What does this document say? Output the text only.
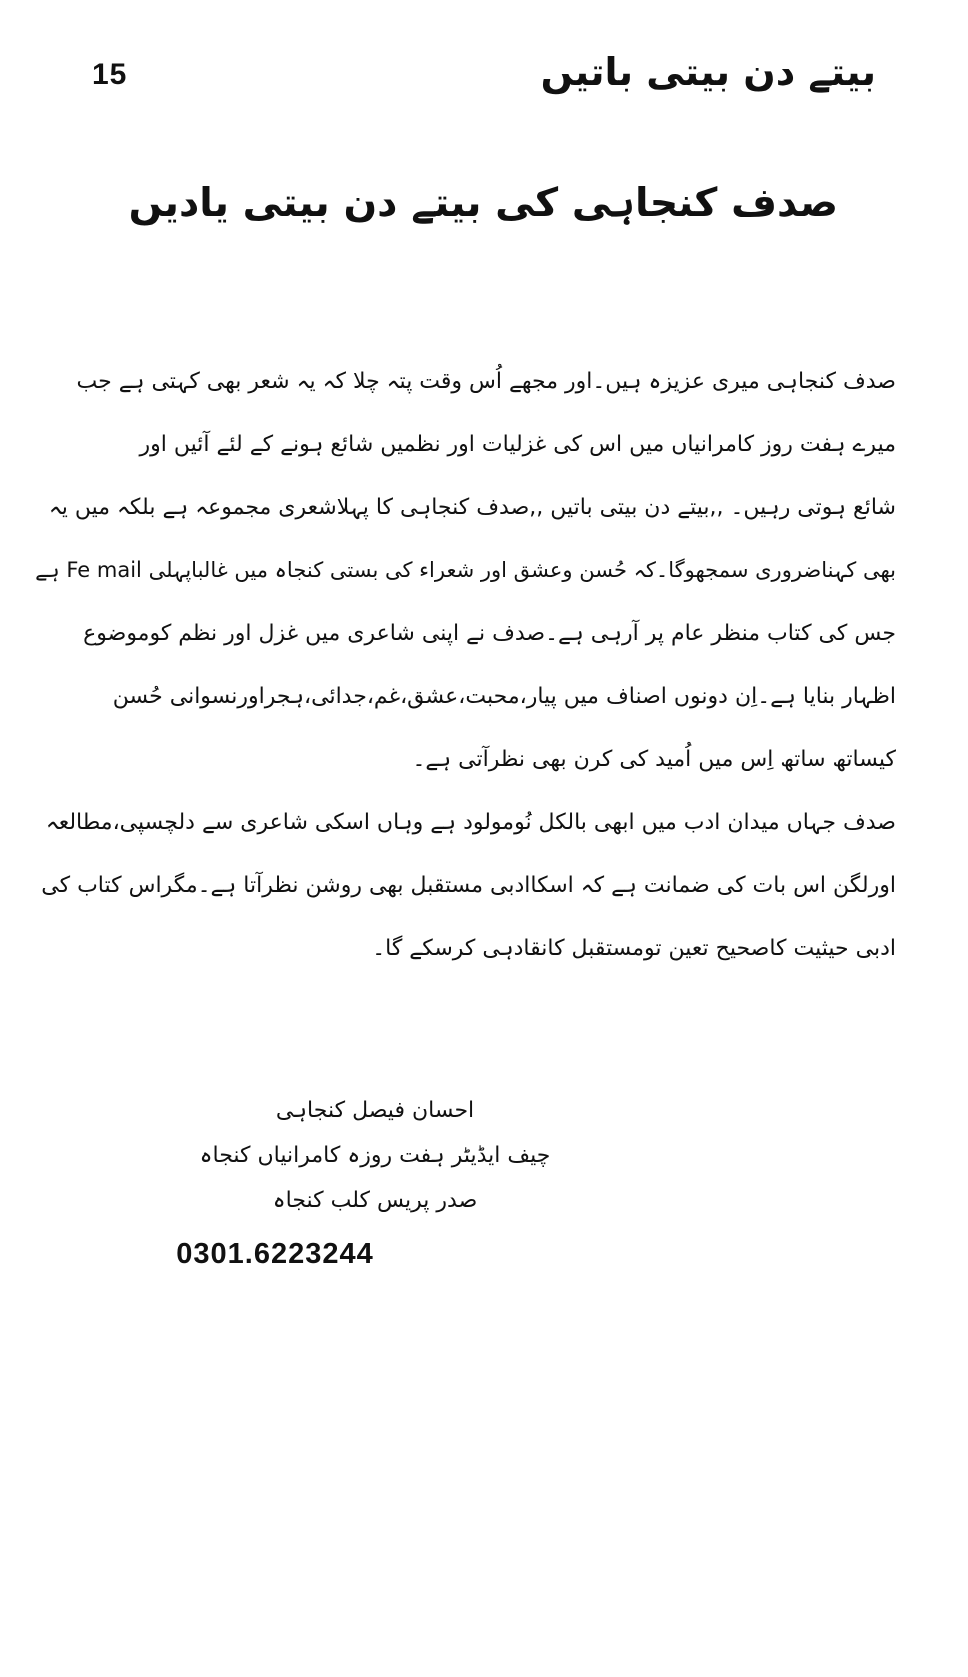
15	بیتے دن بیتی باتیں
صدف کنجاہی کی بیتے دن بیتی یادیں
صدف کنجاہی میری عزیزہ ہیں۔اور مجھے اُس وقت پتہ چلا کہ یہ شعر بھی کہتی ہے جب
میرے ہفت روز کامرانیاں میں اس کی غزلیات اور نظمیں شائع ہونے کے لئے آئیں اور
شائع ہوتی رہیں۔ ,,بیتے دن بیتی باتیں ,,صدف کنجاہی کا پہلاشعری مجموعہ ہے بلکہ میں یہ
بھی کہناضروری سمجھوگا۔کہ حُسن وعشق اور شعراء کی بستی کنجاہ میں غالباپہلی Fe mail ہے
جس کی کتاب منظر عام پر آرہی ہے۔صدف نے اپنی شاعری میں غزل اور نظم کوموضوع
اظہار بنایا ہے۔اِن دونوں اصناف میں پیار،محبت،عشق،غم،جدائی،ہجراورنسوانی حُسن
کیساتھ ساتھ اِس میں اُمید کی کرن بھی نظرآتی ہے۔
صدف جہاں میدان ادب میں ابھی بالکل نُومولود ہے وہاں اسکی شاعری سے دلچسپی،مطالعہ
اورلگن اس بات کی ضمانت ہے کہ اسکاادبی مستقبل بھی روشن نظرآتا ہے۔مگراس کتاب کی
ادبی حیثیت کاصحیح تعین تومستقبل کانقادہی کرسکے گا۔
احسان فیصل کنجاہی
چیف ایڈیٹر ہفت روزہ کامرانیاں کنجاہ
صدر پریس کلب کنجاہ
0301.6223244
